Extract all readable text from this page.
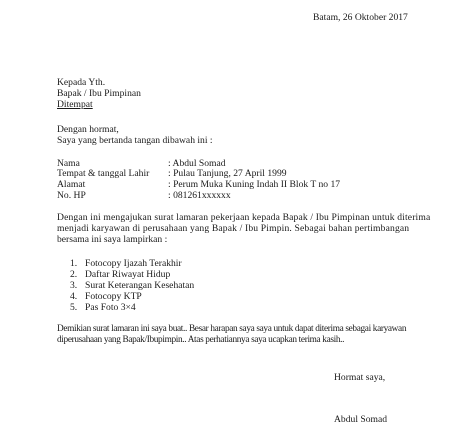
Batam, 26 Oktober 2017
Kepada Yth.
Bapak / Ibu Pimpinan
Ditempat
Dengan hormat,
Saya yang bertanda tangan dibawah ini :
Nama	: Abdul Somad
Tempat & tanggal Lahir : Pulau Tanjung, 27 April 1999
Alamat	: Perum Muka Kuning Indah II Blok T no 17
No. HP	: 081261xxxxxx
Dengan ini mengajukan surat lamaran pekerjaan kepada Bapak / Ibu Pimpinan untuk diterima
menjadi karyawan di perusahaan yang Bapak / Ibu Pimpin. Sebagai bahan pertimbangan
bersama ini saya lampirkan :
1. Fotocopy Ijazah Terakhir
2. Daftar Riwayat Hidup
3. Surat Keterangan Kesehatan
4. Fotocopy KTP
5. Pas Foto 3×4
Demikian surat lamaran ini saya buat.. Besar harapan saya saya untuk dapat diterima sebagai karyawan
diperusahaan yang Bapak/Ibupimpin.. Atas perhatiannya saya ucapkan terima kasih..
Hormat saya,
Abdul Somad
